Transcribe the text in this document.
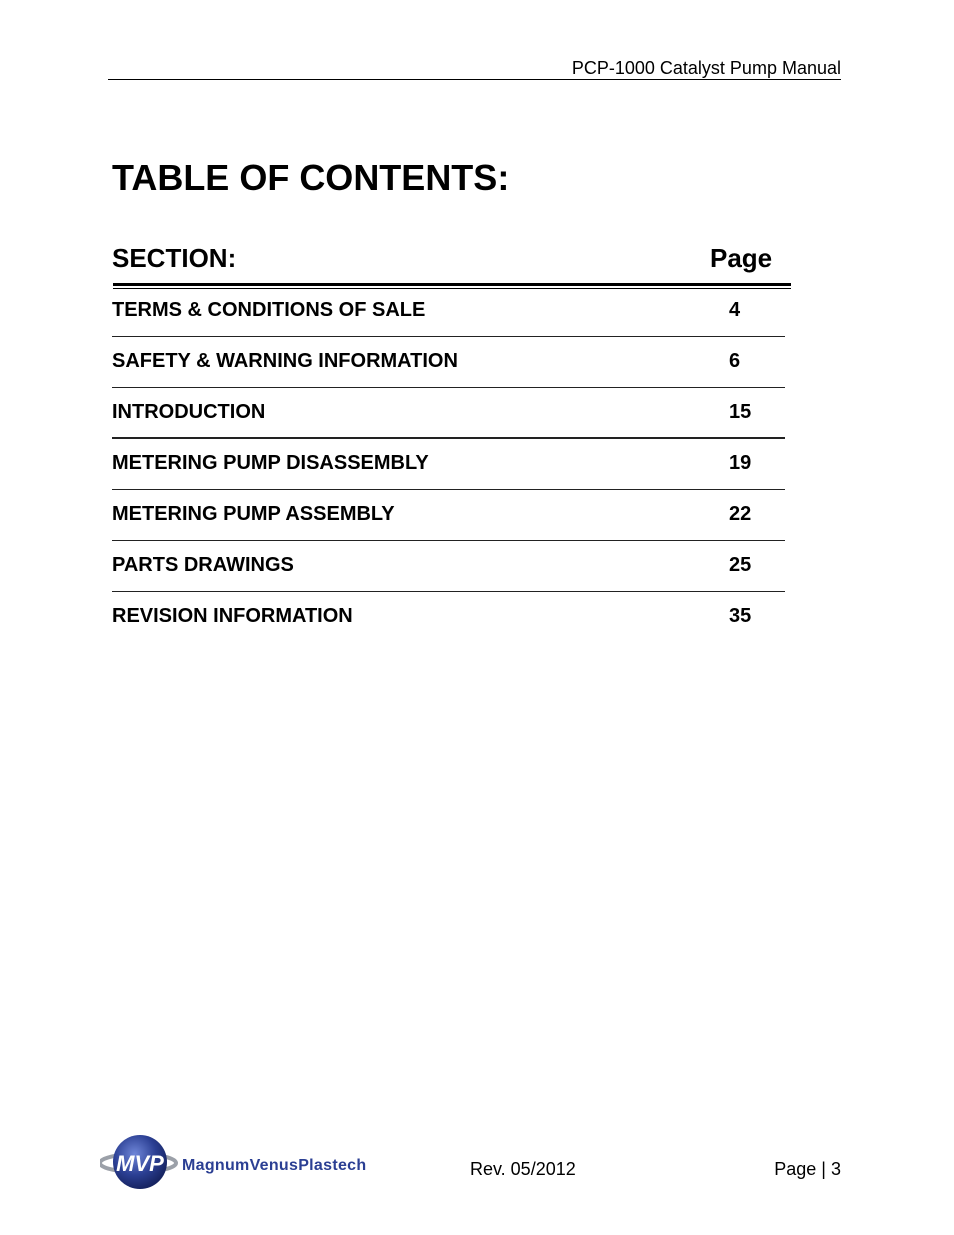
PCP-1000 Catalyst Pump Manual
TABLE OF CONTENTS:
SECTION:	Page
TERMS & CONDITIONS OF SALE	4
SAFETY & WARNING INFORMATION	6
INTRODUCTION	15
METERING PUMP DISASSEMBLY	19
METERING PUMP ASSEMBLY	22
PARTS DRAWINGS	25
REVISION INFORMATION	35
MVP MagnumVenusPlastech	Rev. 05/2012	Page | 3
